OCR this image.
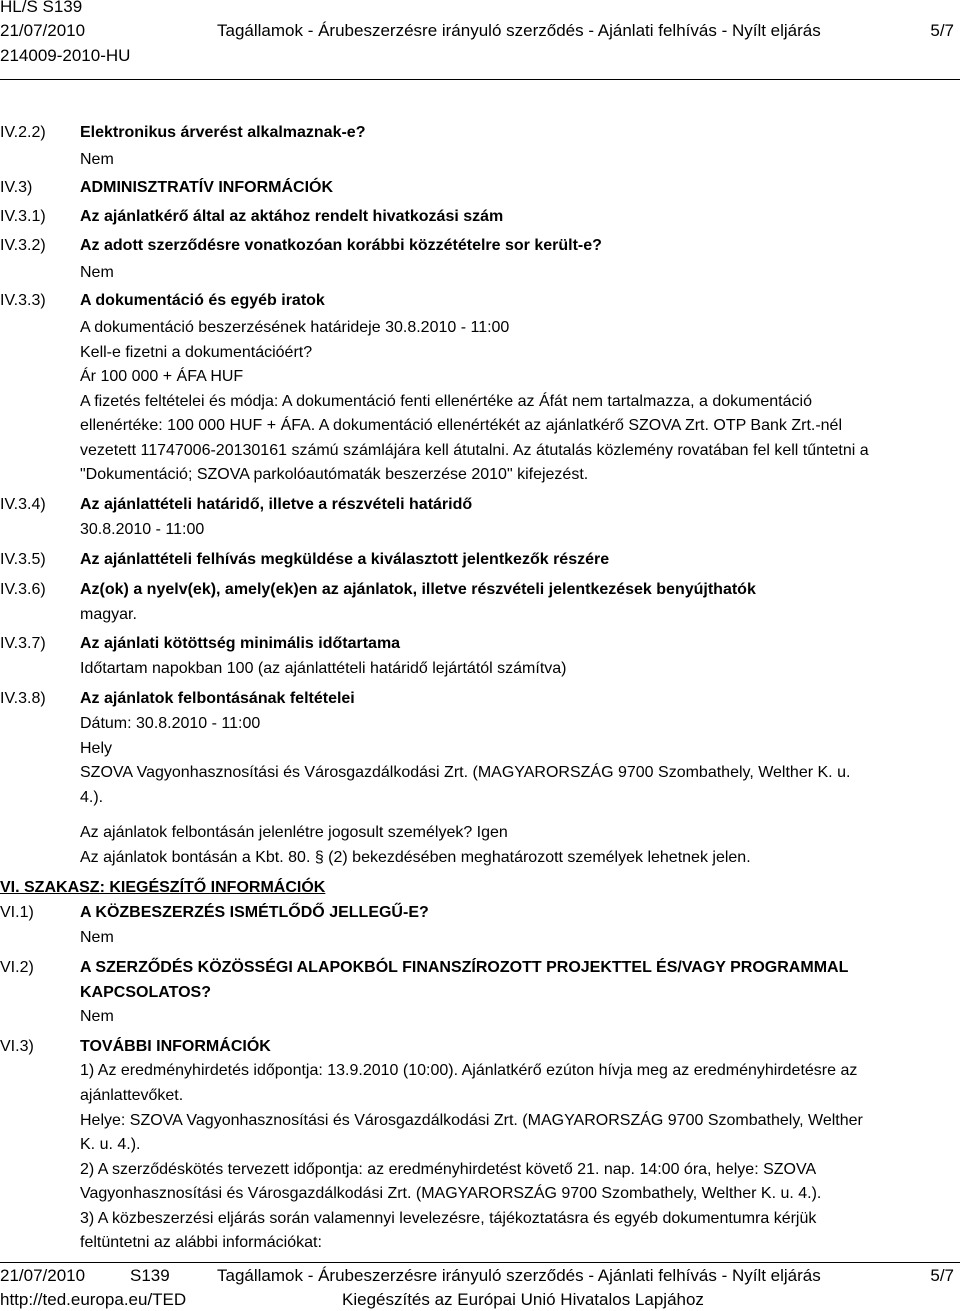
HL/S S139
21/07/2010
214009-2010-HU
Tagállamok - Árubeszerzésre irányuló szerződés - Ajánlati felhívás - Nyílt eljárás	5/7
IV.2.2) Elektronikus árverést alkalmaznak-e?
Nem
IV.3)	ADMINISZTRATÍV INFORMÁCIÓK
IV.3.1) Az ajánlatkérő által az aktához rendelt hivatkozási szám
IV.3.2) Az adott szerződésre vonatkozóan korábbi közzétételre sor került-e?
Nem
IV.3.3) A dokumentáció és egyéb iratok
A dokumentáció beszerzésének határideje 30.8.2010 - 11:00
Kell-e fizetni a dokumentációért?
Ár 100 000 + ÁFA HUF
A fizetés feltételei és módja: A dokumentáció fenti ellenértéke az Áfát nem tartalmazza, a dokumentáció
ellenértéke: 100 000 HUF + ÁFA. A dokumentáció ellenértékét az ajánlatkérő SZOVA Zrt. OTP Bank Zrt.-nél
vezetett 11747006-20130161 számú számlájára kell átutalni. Az átutalás közlemény rovatában fel kell tűntetni a
"Dokumentáció; SZOVA parkolóautómaták beszerzése 2010" kifejezést.
IV.3.4) Az ajánlattételi határidő, illetve a részvételi határidő
30.8.2010 - 11:00
IV.3.5) Az ajánlattételi felhívás megküldése a kiválasztott jelentkezők részére
IV.3.6) Az(ok) a nyelv(ek), amely(ek)en az ajánlatok, illetve részvételi jelentkezések benyújthatók
magyar.
IV.3.7) Az ajánlati kötöttség minimális időtartama
Időtartam napokban 100 (az ajánlattételi határidő lejártától számítva)
IV.3.8) Az ajánlatok felbontásának feltételei
Dátum: 30.8.2010 - 11:00
Hely
SZOVA Vagyonhasznosítási és Városgazdálkodási Zrt. (MAGYARORSZÁG 9700 Szombathely, Welther K. u.
4.).
Az ajánlatok felbontásán jelenlétre jogosult személyek? Igen
Az ajánlatok bontásán a Kbt. 80. § (2) bekezdésében meghatározott személyek lehetnek jelen.
VI. SZAKASZ: KIEGÉSZÍTŐ INFORMÁCIÓK
VI.1)	A KÖZBESZERZÉS ISMÉTLŐDŐ JELLEGŰ-E?
Nem
VI.2)	A SZERZŐDÉS KÖZÖSSÉGI ALAPOKBÓL FINANSZÍROZOTT PROJEKTTEL ÉS/VAGY PROGRAMMAL
KAPCSOLATOS?
Nem
VI.3)	TOVÁBBI INFORMÁCIÓK
1) Az eredményhirdetés időpontja: 13.9.2010 (10:00). Ajánlatkérő ezúton hívja meg az eredményhirdetésre az
ajánlattevőket.
Helye: SZOVA Vagyonhasznosítási és Városgazdálkodási Zrt. (MAGYARORSZÁG 9700 Szombathely, Welther
K. u. 4.).
2) A szerződéskötés tervezett időpontja: az eredményhirdetést követő 21. nap. 14:00 óra, helye: SZOVA
Vagyonhasznosítási és Városgazdálkodási Zrt. (MAGYARORSZÁG 9700 Szombathely, Welther K. u. 4.).
3) A közbeszerzési eljárás során valamennyi levelezésre, tájékoztatásra és egyéb dokumentumra kérjük
feltüntetni az alábbi információkat:
21/07/2010	S139	Tagállamok - Árubeszerzésre irányuló szerződés - Ajánlati felhívás - Nyílt eljárás	5/7
http://ted.europa.eu/TED	Kiegészítés az Európai Unió Hivatalos Lapjához
